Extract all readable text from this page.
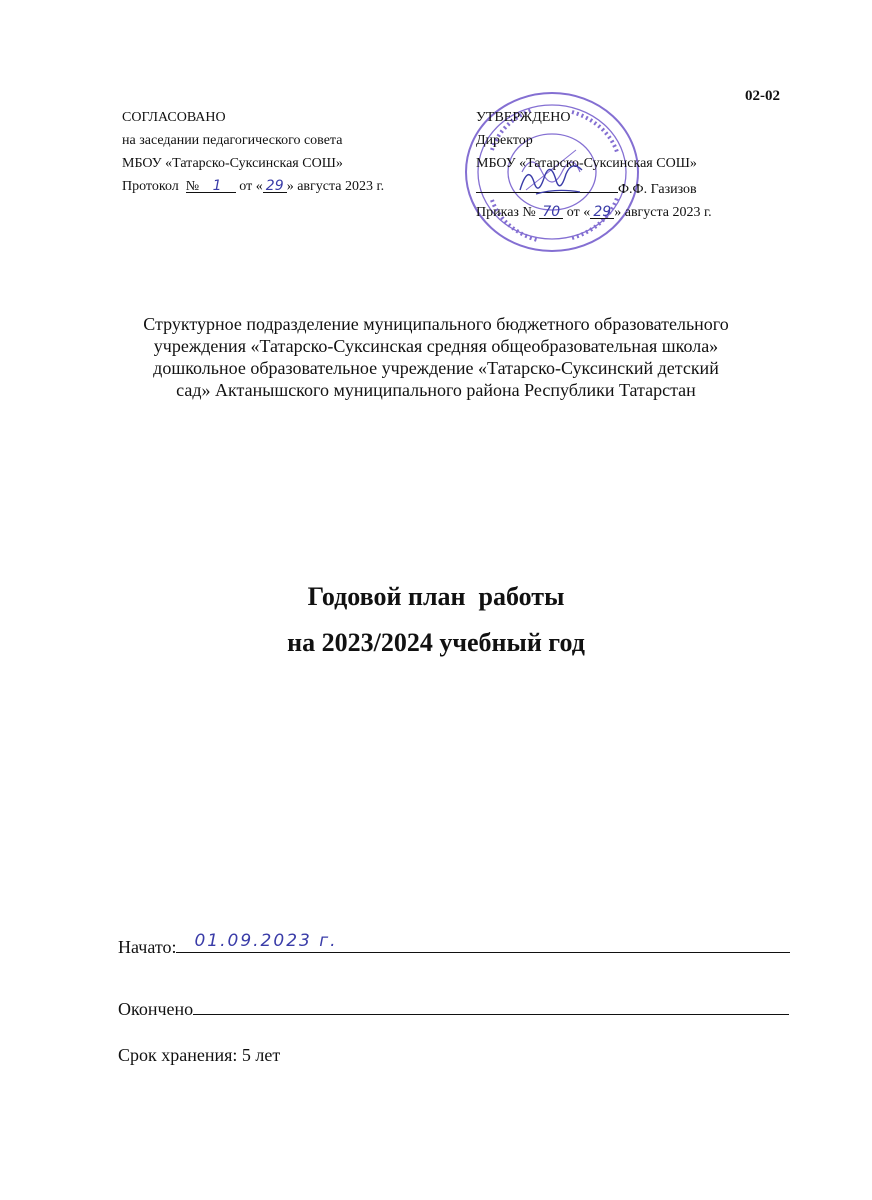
02-02
СОГЛАСОВАНО
на заседании педагогического совета
МБОУ «Татарско-Суксинская СОШ»
Протокол № 1 от « 29 » августа 2023 г.
УТВЕРЖДЕНО
Директор
МБОУ «Татарско-Суксинская СОШ»
Ф.Ф. Газизов
Приказ № 70 от « 29 » августа 2023 г.
Структурное подразделение муниципального бюджетного образовательного
учреждения «Татарско-Суксинская средняя общеобразовательная школа»
дошкольное образовательное учреждение «Татарско-Суксинский детский
сад» Актанышского муниципального района Республики Татарстан
Годовой план  работы
на 2023/2024 учебный год
Начато: 01.09.2023 г.
Окончено
Срок хранения: 5 лет
